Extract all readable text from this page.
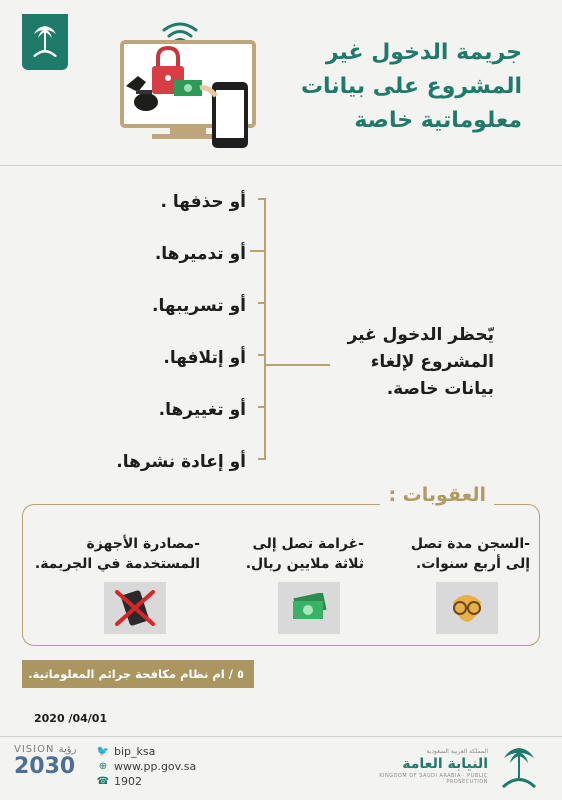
جريمة الدخول غير
المشروع على بيانات
معلوماتية خاصة
أو حذفها .
أو تدميرها.
أو تسريبها.
أو إتلافها.
أو تغييرها.
أو إعادة نشرها.
يّحظر الدخول غير
المشروع لإلغاء
بيانات خاصة.
العقوبات :
-السجن مدة تصل
إلى أربع سنوات.
-غرامة تصل إلى
ثلاثة ملايين ريال.
-مصادرة الأجهزة
المستخدمة في الجريمة.
٥ / ام نظام مكافحة جرائم المعلوماتية.
2020 /04/01
VISION رؤية
2030
🐦 bip_ksa
⊕ www.pp.gov.sa
☎ 1902
المملكة العربية السعودية
النيابة العامة
KINGDOM OF SAUDI ARABIA · PUBLIC PROSECUTION
